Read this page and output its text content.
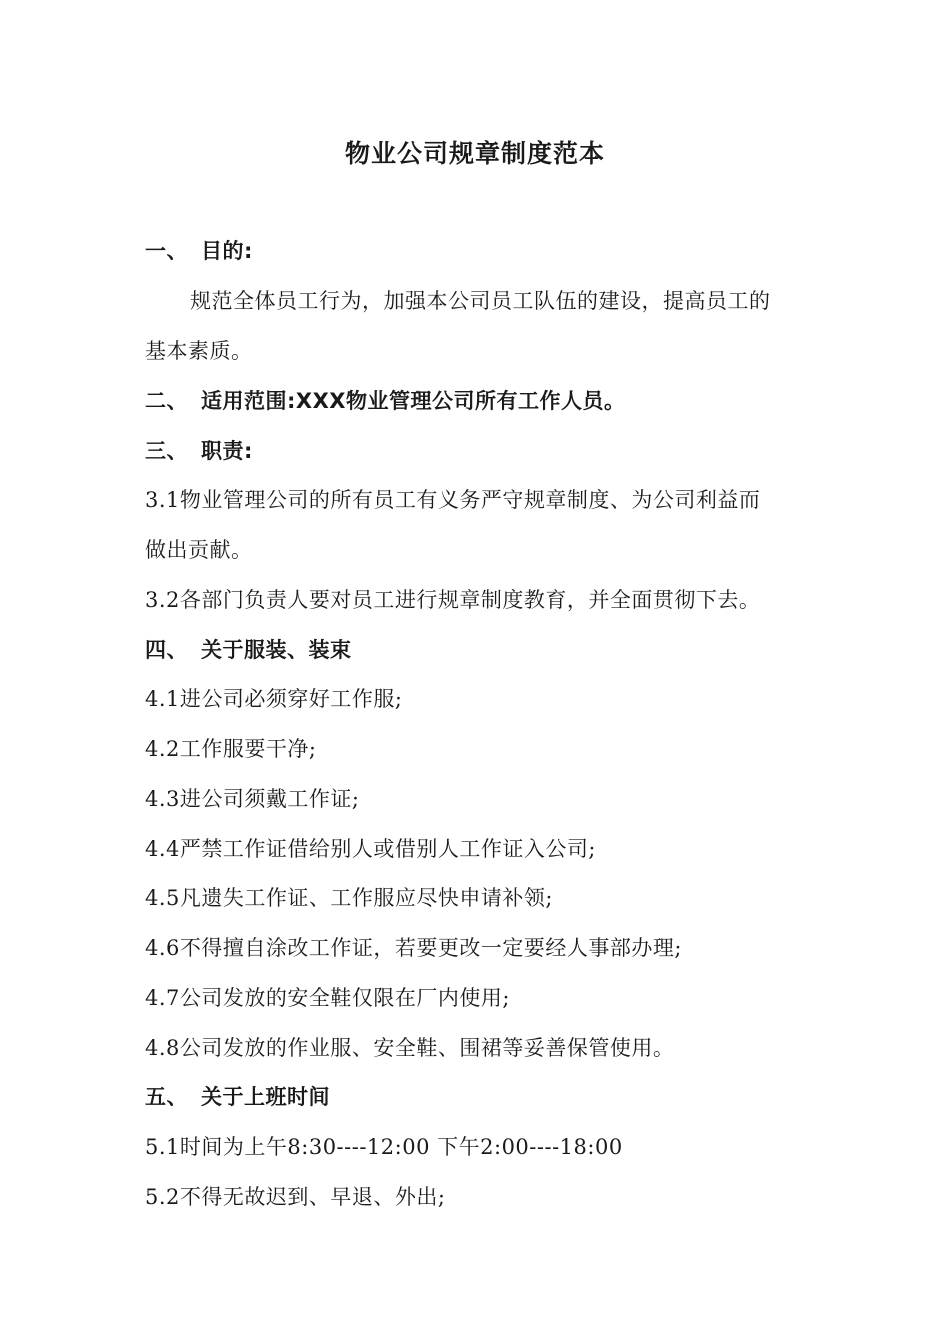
物业公司规章制度范本
一、 目的:
规范全体员工行为，加强本公司员工队伍的建设，提高员工的
基本素质。
二、 适用范围:XXX物业管理公司所有工作人员。
三、 职责:
3.1物业管理公司的所有员工有义务严守规章制度、为公司利益而
做出贡献。
3.2各部门负责人要对员工进行规章制度教育，并全面贯彻下去。
四、 关于服装、装束
4.1进公司必须穿好工作服;
4.2工作服要干净;
4.3进公司须戴工作证;
4.4严禁工作证借给别人或借别人工作证入公司;
4.5凡遗失工作证、工作服应尽快申请补领;
4.6不得擅自涂改工作证，若要更改一定要经人事部办理;
4.7公司发放的安全鞋仅限在厂内使用;
4.8公司发放的作业服、安全鞋、围裙等妥善保管使用。
五、 关于上班时间
5.1时间为上午8:30----12:00 下午2:00----18:00
5.2不得无故迟到、早退、外出;
